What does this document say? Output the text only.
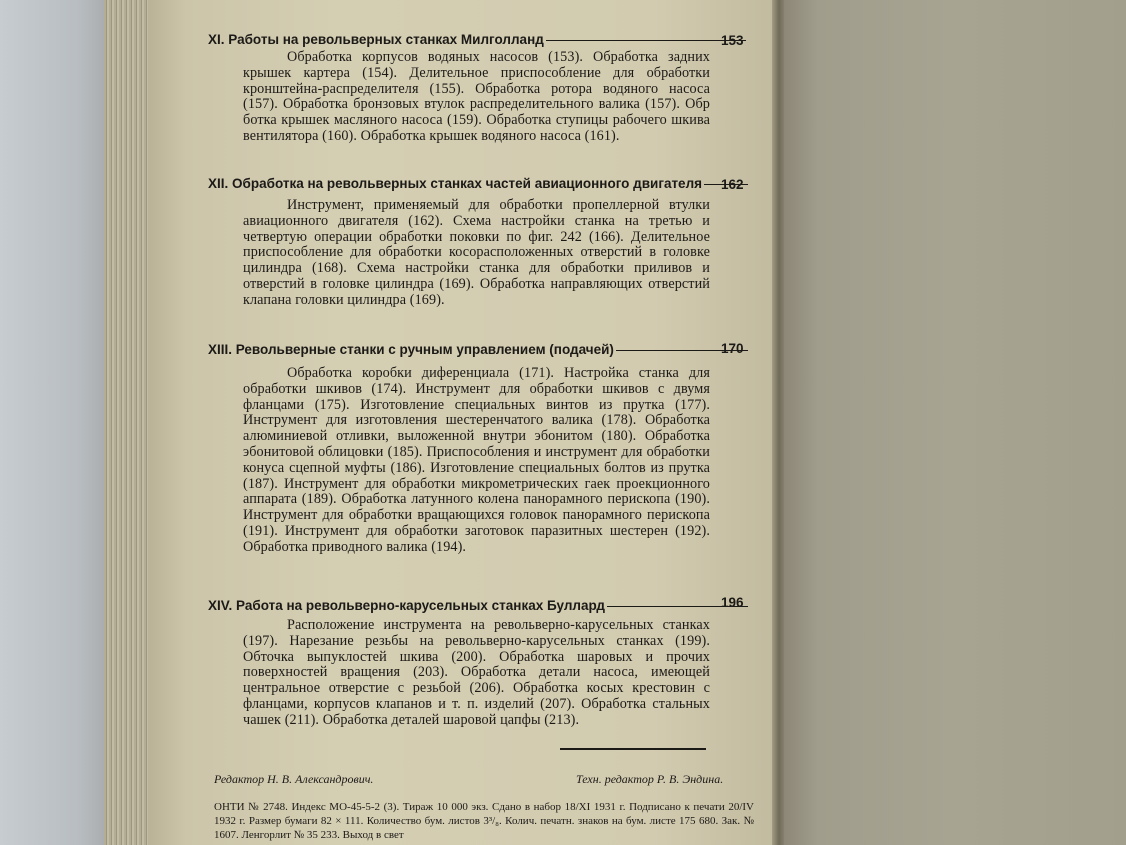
XI. Работы на револьверных станках Милголланд	153
Обработка корпусов водяных насосов (153). Обработка задних крышек картера (154). Делительное приспособление для обработки кронштейна-распределителя (155). Обработка ротора водяного насоса (157). Обработка бронзовых втулок распределительного валика (157). Обр ботка крышек масляного насоса (159). Обработка ступицы рабочего шкива вентилятора (160). Обработка крышек водяного насоса (161).
XII. Обработка на револьверных станках частей авиационного двигателя	162
Инструмент, применяемый для обработки пропеллерной втулки авиационного двигателя (162). Схема настройки станка на третью и четвертую операции обработки поковки по фиг. 242 (166). Делительное приспособление для обработки косорасположенных отверстий в головке цилиндра (168). Схема настройки станка для обработки приливов и отверстий в головке цилиндра (169). Обработка направляющих отверстий клапана головки цилиндра (169).
XIII. Револьверные станки с ручным управлением (подачей)	170
Обработка коробки диференциала (171). Настройка станка для обработки шкивов (174). Инструмент для обработки шкивов с двумя фланцами (175). Изготовление специальных винтов из прутка (177). Инструмент для изготовления шестеренчатого валика (178). Обработка алюминиевой отливки, выложенной внутри эбонитом (180). Обработка эбонитовой облицовки (185). Приспособления и инструмент для обработки конуса сцепной муфты (186). Изготовление специальных болтов из прутка (187). Инструмент для обработки микрометрических гаек проекционного аппарата (189). Обработка латунного колена панорамного перископа (190). Инструмент для обработки вращающихся головок панорамного перископа (191). Инструмент для обработки заготовок паразитных шестерен (192). Обработка приводного валика (194).
XIV. Работа на револьверно-карусельных станках Буллард	196
Расположение инструмента на револьверно-карусельных станках (197). Нарезание резьбы на револьверно-карусельных станках (199). Обточка выпуклостей шкива (200). Обработка шаровых и прочих поверхностей вращения (203). Обработка детали насоса, имеющей центральное отверстие с резьбой (206). Обработка косых крестовин с фланцами, корпусов клапанов и т. п. изделий (207). Обработка стальных чашек (211). Обработка деталей шаровой цапфы (213).
Редактор Н. В. Александрович.	Техн. редактор Р. В. Эндина.
ОНТИ № 2748. Индекс МО-45-5-2 (3). Тираж 10 000 экз. Сдано в набор 18/XI 1931 г. Подписано к печати 20/IV 1932 г. Размер бумаги 82 × 111. Количество бум. листов 3³/₈. Колич. печатн. знаков на бум. листе 175 680. Зак. № 1607. Ленгорлит № 35 233. Выход в свет
